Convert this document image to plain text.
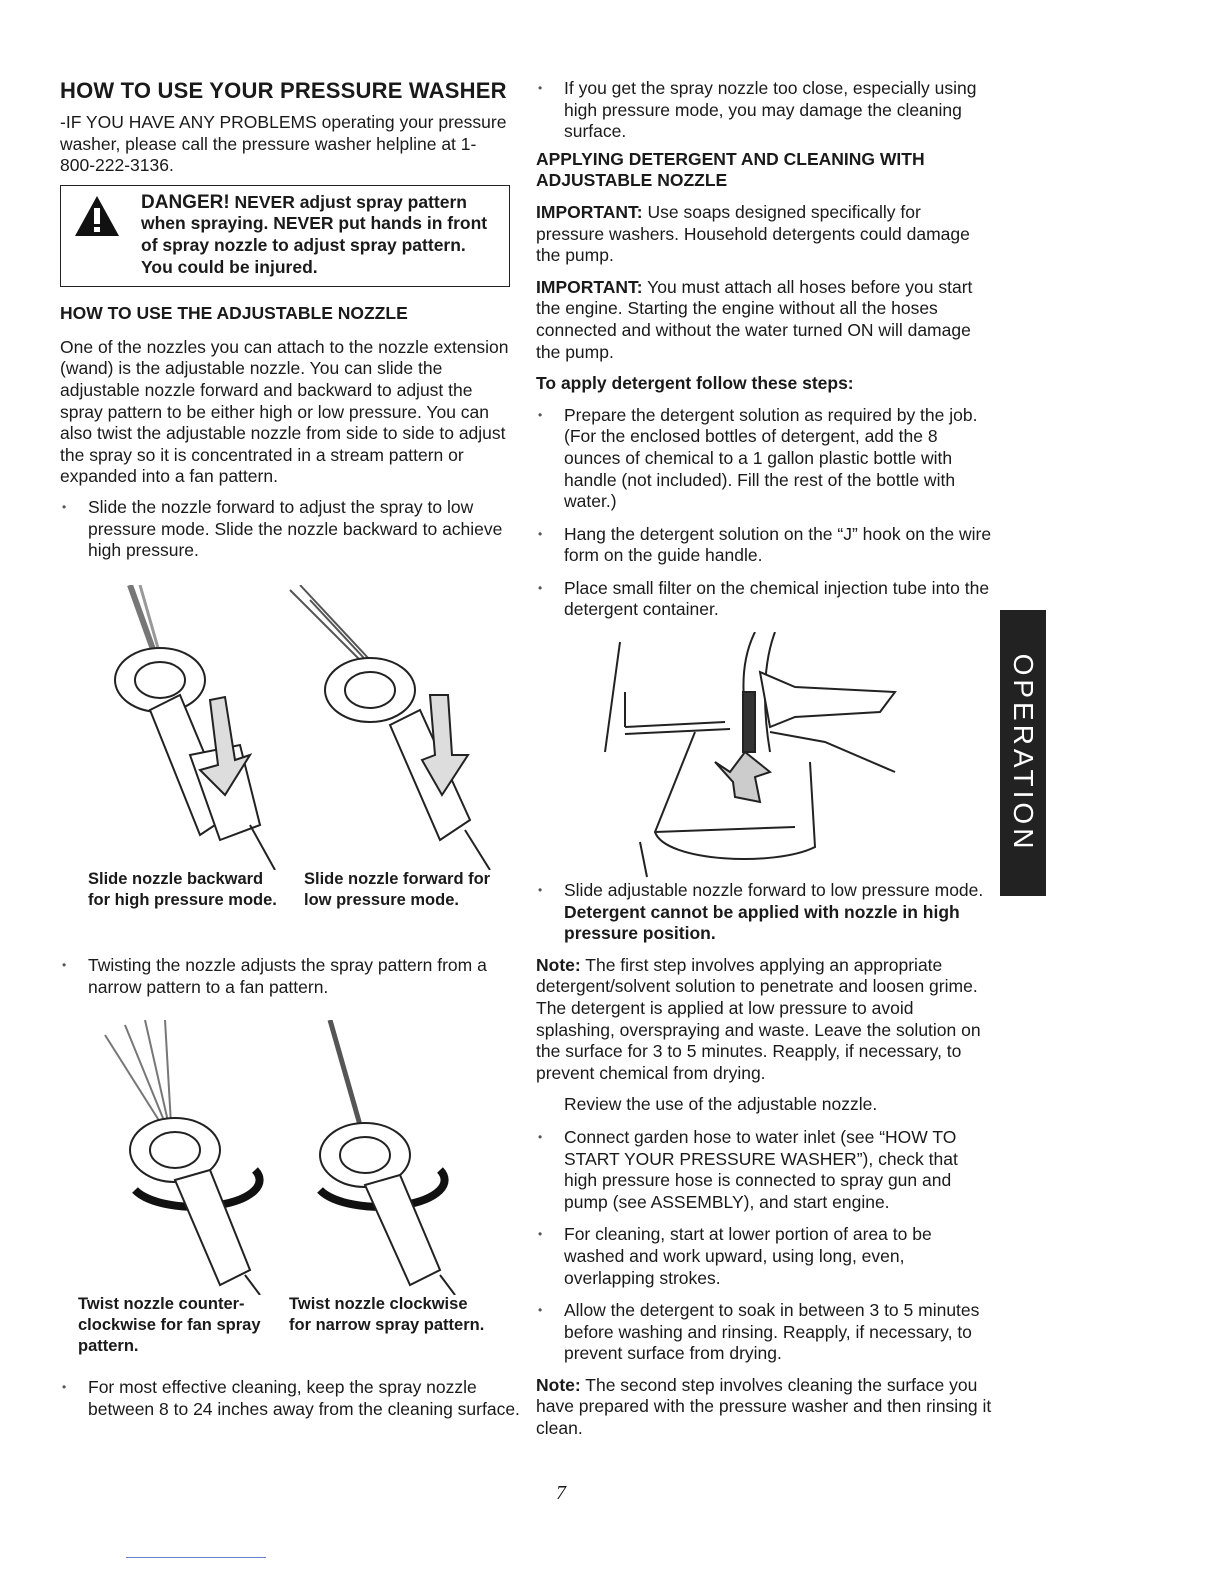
HOW TO USE YOUR PRESSURE WASHER

-IF YOU HAVE ANY PROBLEMS operating your pressure washer, please call the pressure washer helpline at 1-800-222-3136.

DANGER! NEVER adjust spray pattern when spraying. NEVER put hands in front of spray nozzle to adjust spray pattern. You could be injured.

HOW TO USE THE ADJUSTABLE NOZZLE

One of the nozzles you can attach to the nozzle extension (wand) is the adjustable nozzle. You can slide the adjustable nozzle forward and backward to adjust the spray pattern to be either high or low pressure. You can also twist the adjustable nozzle from side to side to adjust the spray so it is concentrated in a stream pattern or expanded into a fan pattern.

• Slide the nozzle forward to adjust the spray to low pressure mode. Slide the nozzle backward to achieve high pressure.

Slide nozzle backward for high pressure mode.
Slide nozzle forward for low pressure mode.

• Twisting the nozzle adjusts the spray pattern from a narrow pattern to a fan pattern.

Twist nozzle counter-clockwise for fan spray pattern.
Twist nozzle clockwise for narrow spray pattern.

• For most effective cleaning, keep the spray nozzle between 8 to 24 inches away from the cleaning surface.

• If you get the spray nozzle too close, especially using high pressure mode, you may damage the cleaning surface.

APPLYING DETERGENT AND CLEANING WITH ADJUSTABLE NOZZLE

IMPORTANT: Use soaps designed specifically for pressure washers. Household detergents could damage the pump.

IMPORTANT: You must attach all hoses before you start the engine. Starting the engine without all the hoses connected and without the water turned ON will damage the pump.

To apply detergent follow these steps:

• Prepare the detergent solution as required by the job. (For the enclosed bottles of detergent, add the 8 ounces of chemical to a 1 gallon plastic bottle with handle (not included). Fill the rest of the bottle with water.)

• Hang the detergent solution on the “J” hook on the wire form on the guide handle.

• Place small filter on the chemical injection tube into the detergent container.

• Slide adjustable nozzle forward to low pressure mode. Detergent cannot be applied with nozzle in high pressure position.

Note: The first step involves applying an appropriate detergent/solvent solution to penetrate and loosen grime. The detergent is applied at low pressure to avoid splashing, overspraying and waste. Leave the solution on the surface for 3 to 5 minutes. Reapply, if necessary, to prevent chemical from drying.

Review the use of the adjustable nozzle.

• Connect garden hose to water inlet (see “HOW TO START YOUR PRESSURE WASHER”), check that high pressure hose is connected to spray gun and pump (see ASSEMBLY), and start engine.

• For cleaning, start at lower portion of area to be washed and work upward, using long, even, overlapping strokes.

• Allow the detergent to soak in between 3 to 5 minutes before washing and rinsing. Reapply, if necessary, to prevent surface from drying.

Note: The second step involves cleaning the surface you have prepared with the pressure washer and then rinsing it clean.

OPERATION
7
